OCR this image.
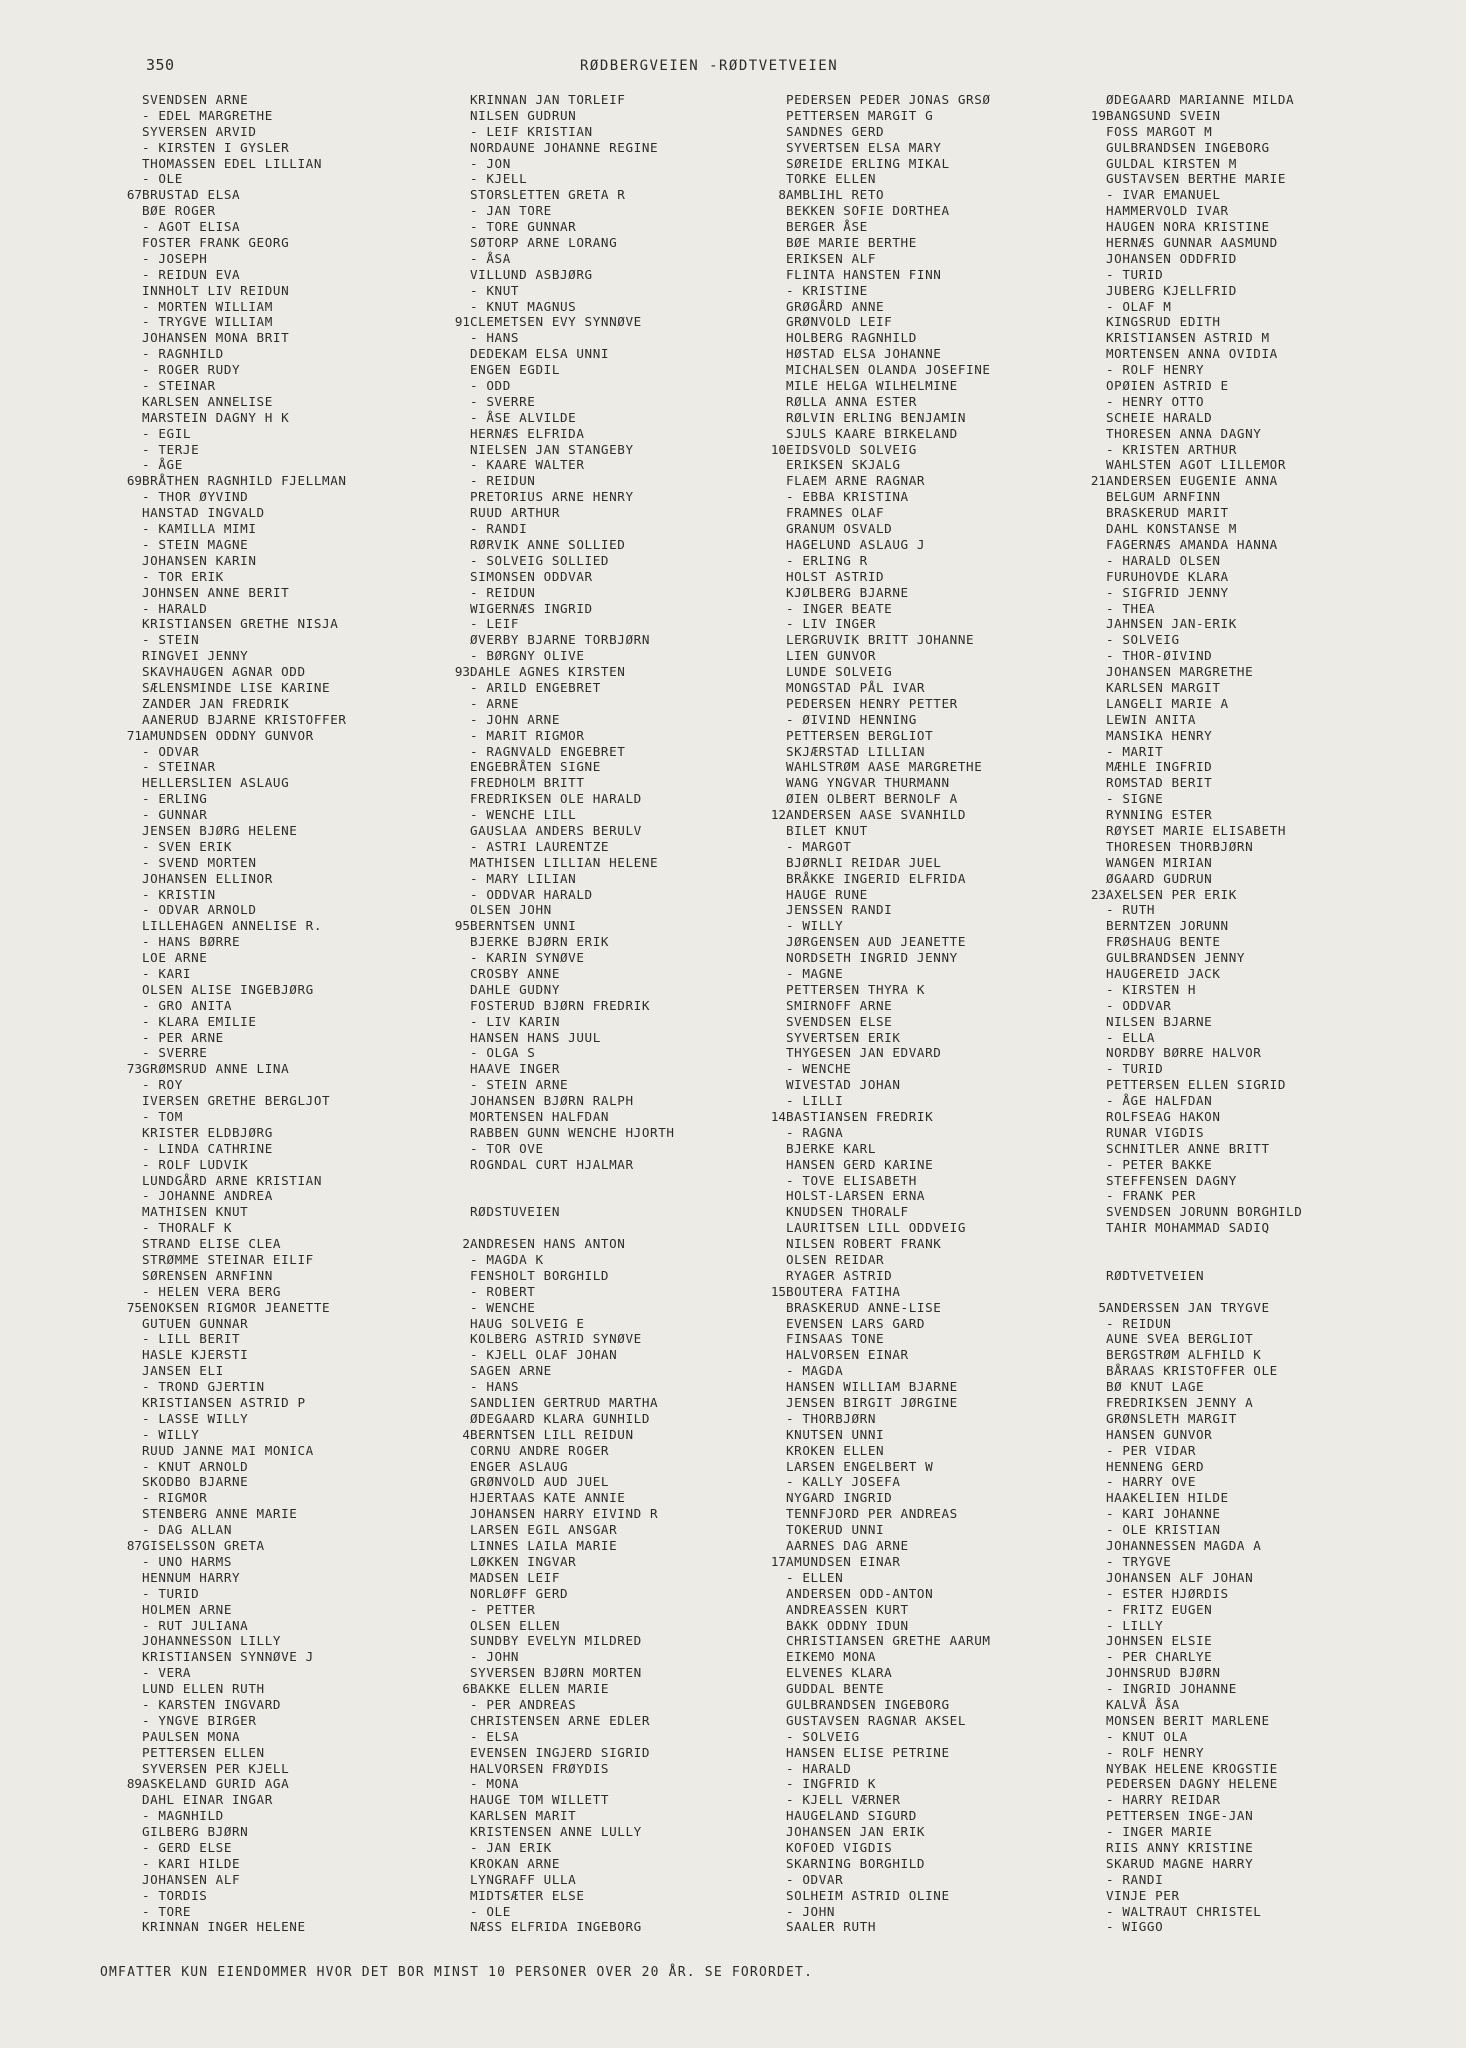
350	RØDBERGVEIEN -RØDTVETVEIEN
SVENDSEN ARNE
- EDEL MARGRETHE
SYVERSEN ARVID
- KIRSTEN I GYSLER
THOMASSEN EDEL LILLIAN
- OLE
67 BRUSTAD ELSA
BØE ROGER
- AGOT ELISA
FOSTER FRANK GEORG
- JOSEPH
- REIDUN EVA
INNHOLT LIV REIDUN
- MORTEN WILLIAM
- TRYGVE WILLIAM
JOHANSEN MONA BRIT
- RAGNHILD
- ROGER RUDY
- STEINAR
KARLSEN ANNELISE
MARSTEIN DAGNY H K
- EGIL
- TERJE
- ÅGE
69 BRÅTHEN RAGNHILD FJELLMAN
- THOR ØYVIND
HANSTAD INGVALD
- KAMILLA MIMI
- STEIN MAGNE
JOHANSEN KARIN
- TOR ERIK
JOHNSEN ANNE BERIT
- HARALD
KRISTIANSEN GRETHE NISJA
- STEIN
RINGVEI JENNY
SKAVHAUGEN AGNAR ODD
SÆLENSMINDE LISE KARINE
ZANDER JAN FREDRIK
AANERUD BJARNE KRISTOFFER
71 AMUNDSEN ODDNY GUNVOR
- ODVAR
- STEINAR
HELLERSLIEN ASLAUG
- ERLING
- GUNNAR
JENSEN BJØRG HELENE
- SVEN ERIK
- SVEND MORTEN
JOHANSEN ELLINOR
- KRISTIN
- ODVAR ARNOLD
LILLEHAGEN ANNELISE R.
- HANS BØRRE
LOE ARNE
- KARI
OLSEN ALISE INGEBJØRG
- GRO ANITA
- KLARA EMILIE
- PER ARNE
- SVERRE
73 GRØMSRUD ANNE LINA
- ROY
IVERSEN GRETHE BERGLJOT
- TOM
KRISTER ELDBJØRG
- LINDA CATHRINE
- ROLF LUDVIK
LUNDGÅRD ARNE KRISTIAN
- JOHANNE ANDREA
MATHISEN KNUT
- THORALF K
STRAND ELISE CLEA
STRØMME STEINAR EILIF
SØRENSEN ARNFINN
- HELEN VERA BERG
75 ENOKSEN RIGMOR JEANETTE
GUTUEN GUNNAR
- LILL BERIT
HASLE KJERSTI
JANSEN ELI
- TROND GJERTIN
KRISTIANSEN ASTRID P
- LASSE WILLY
- WILLY
RUUD JANNE MAI MONICA
- KNUT ARNOLD
SKODBO BJARNE
- RIGMOR
STENBERG ANNE MARIE
- DAG ALLAN
87 GISELSSON GRETA
- UNO HARMS
HENNUM HARRY
- TURID
HOLMEN ARNE
- RUT JULIANA
JOHANNESSON LILLY
KRISTIANSEN SYNNØVE J
- VERA
LUND ELLEN RUTH
- KARSTEN INGVARD
- YNGVE BIRGER
PAULSEN MONA
PETTERSEN ELLEN
SYVERSEN PER KJELL
89 ASKELAND GURID AGA
DAHL EINAR INGAR
- MAGNHILD
GILBERG BJØRN
- GERD ELSE
- KARI HILDE
JOHANSEN ALF
- TORDIS
- TORE
KRINNAN INGER HELENE
KRINNAN JAN TORLEIF
NILSEN GUDRUN
- LEIF KRISTIAN
NORDAUNE JOHANNE REGINE
- JON
- KJELL
STORSLETTEN GRETA R
- JAN TORE
- TORE GUNNAR
SØTORP ARNE LORANG
- ÅSA
VILLUND ASBJØRG
- KNUT
- KNUT MAGNUS
91 CLEMETSEN EVY SYNNØVE
- HANS
DEDEKAM ELSA UNNI
ENGEN EGDIL
- ODD
- SVERRE
- ÅSE ALVILDE
HERNÆS ELFRIDA
NIELSEN JAN STANGEBY
- KAARE WALTER
- REIDUN
PRETORIUS ARNE HENRY
RUUD ARTHUR
- RANDI
RØRVIK ANNE SOLLIED
- SOLVEIG SOLLIED
SIMONSEN ODDVAR
- REIDUN
WIGERNÆS INGRID
- LEIF
ØVERBY BJARNE TORBJØRN
- BØRGNY OLIVE
93 DAHLE AGNES KIRSTEN
- ARILD ENGEBRET
- ARNE
- JOHN ARNE
- MARIT RIGMOR
- RAGNVALD ENGEBRET
ENGEBRÅTEN SIGNE
FREDHOLM BRITT
FREDRIKSEN OLE HARALD
- WENCHE LILL
GAUSLAA ANDERS BERULV
- ASTRI LAURENTZE
MATHISEN LILLIAN HELENE
- MARY LILIAN
- ODDVAR HARALD
OLSEN JOHN
95 BERNTSEN UNNI
BJERKE BJØRN ERIK
- KARIN SYNØVE
CROSBY ANNE
DAHLE GUDNY
FOSTERUD BJØRN FREDRIK
- LIV KARIN
HANSEN HANS JUUL
- OLGA S
HAAVE INGER
- STEIN ARNE
JOHANSEN BJØRN RALPH
MORTENSEN HALFDAN
RABBEN GUNN WENCHE HJORTH
- TOR OVE
ROGNDAL CURT HJALMAR
RØDSTUVEIEN
2 ANDRESEN HANS ANTON
- MAGDA K
FENSHOLT BORGHILD
- ROBERT
- WENCHE
HAUG SOLVEIG E
KOLBERG ASTRID SYNØVE
- KJELL OLAF JOHAN
SAGEN ARNE
- HANS
SANDLIEN GERTRUD MARTHA
ØDEGAARD KLARA GUNHILD
4 BERNTSEN LILL REIDUN
CORNU ANDRE ROGER
ENGER ASLAUG
GRØNVOLD AUD JUEL
HJERTAAS KATE ANNIE
JOHANSEN HARRY EIVIND R
LARSEN EGIL ANSGAR
LINNES LAILA MARIE
LØKKEN INGVAR
MADSEN LEIF
NORLØFF GERD
- PETTER
OLSEN ELLEN
SUNDBY EVELYN MILDRED
- JOHN
SYVERSEN BJØRN MORTEN
6 BAKKE ELLEN MARIE
- PER ANDREAS
CHRISTENSEN ARNE EDLER
- ELSA
EVENSEN INGJERD SIGRID
HALVORSEN FRØYDIS
- MONA
HAUGE TOM WILLETT
KARLSEN MARIT
KRISTENSEN ANNE LULLY
- JAN ERIK
KROKAN ARNE
LYNGRAFF ULLA
MIDTSÆTER ELSE
- OLE
NÆSS ELFRIDA INGEBORG
PEDERSEN PEDER JONAS GRSØ
PETTERSEN MARGIT G
SANDNES GERD
SYVERTSEN ELSA MARY
SØREIDE ERLING MIKAL
TORKE ELLEN
8 AMBLIHL RETO
BEKKEN SOFIE DORTHEA
BERGER ÅSE
BØE MARIE BERTHE
ERIKSEN ALF
FLINTA HANSTEN FINN
- KRISTINE
GRØGÅRD ANNE
GRØNVOLD LEIF
HOLBERG RAGNHILD
HØSTAD ELSA JOHANNE
MICHALSEN OLANDA JOSEFINE
MILE HELGA WILHELMINE
RØLLA ANNA ESTER
RØLVIN ERLING BENJAMIN
SJULS KAARE BIRKELAND
10 EIDSVOLD SOLVEIG
ERIKSEN SKJALG
FLAEM ARNE RAGNAR
- EBBA KRISTINA
FRAMNES OLAF
GRANUM OSVALD
HAGELUND ASLAUG J
- ERLING R
HOLST ASTRID
KJØLBERG BJARNE
- INGER BEATE
- LIV INGER
LERGRUVIK BRITT JOHANNE
LIEN GUNVOR
LUNDE SOLVEIG
MONGSTAD PÅL IVAR
PEDERSEN HENRY PETTER
- ØIVIND HENNING
PETTERSEN BERGLIOT
SKJÆRSTAD LILLIAN
WAHLSTRØM AASE MARGRETHE
WANG YNGVAR THURMANN
ØIEN OLBERT BERNOLF A
12 ANDERSEN AASE SVANHILD
BILET KNUT
- MARGOT
BJØRNLI REIDAR JUEL
BRÅKKE INGERID ELFRIDA
HAUGE RUNE
JENSSEN RANDI
- WILLY
JØRGENSEN AUD JEANETTE
NORDSETH INGRID JENNY
- MAGNE
PETTERSEN THYRA K
SMIRNOFF ARNE
SVENDSEN ELSE
SYVERTSEN ERIK
THYGESEN JAN EDVARD
- WENCHE
WIVESTAD JOHAN
- LILLI
14 BASTIANSEN FREDRIK
- RAGNA
BJERKE KARL
HANSEN GERD KARINE
- TOVE ELISABETH
HOLST-LARSEN ERNA
KNUDSEN THORALF
LAURITSEN LILL ODDVEIG
NILSEN ROBERT FRANK
OLSEN REIDAR
RYAGER ASTRID
15 BOUTERA FATIHA
BRASKERUD ANNE-LISE
EVENSEN LARS GARD
FINSAAS TONE
HALVORSEN EINAR
- MAGDA
HANSEN WILLIAM BJARNE
JENSEN BIRGIT JØRGINE
- THORBJØRN
KNUTSEN UNNI
KROKEN ELLEN
LARSEN ENGELBERT W
- KALLY JOSEFA
NYGARD INGRID
TENNFJORD PER ANDREAS
TOKERUD UNNI
AARNES DAG ARNE
17 AMUNDSEN EINAR
- ELLEN
ANDERSEN ODD-ANTON
ANDREASSEN KURT
BAKK ODDNY IDUN
CHRISTIANSEN GRETHE AARUM
EIKEMO MONA
ELVENES KLARA
GUDDAL BENTE
GULBRANDSEN INGEBORG
GUSTAVSEN RAGNAR AKSEL
- SOLVEIG
HANSEN ELISE PETRINE
- HARALD
- INGFRID K
- KJELL VÆRNER
HAUGELAND SIGURD
JOHANSEN JAN ERIK
KOFOED VIGDIS
SKARNING BORGHILD
- ODVAR
SOLHEIM ASTRID OLINE
- JOHN
SAALER RUTH
ØDEGAARD MARIANNE MILDA
19 BANGSUND SVEIN
FOSS MARGOT M
GULBRANDSEN INGEBORG
GULDAL KIRSTEN M
GUSTAVSEN BERTHE MARIE
- IVAR EMANUEL
HAMMERVOLD IVAR
HAUGEN NORA KRISTINE
HERNÆS GUNNAR AASMUND
JOHANSEN ODDFRID
- TURID
JUBERG KJELLFRID
- OLAF M
KINGSRUD EDITH
KRISTIANSEN ASTRID M
MORTENSEN ANNA OVIDIA
- ROLF HENRY
OPØIEN ASTRID E
- HENRY OTTO
SCHEIE HARALD
THORESEN ANNA DAGNY
- KRISTEN ARTHUR
WAHLSTEN AGOT LILLEMOR
21 ANDERSEN EUGENIE ANNA
BELGUM ARNFINN
BRASKERUD MARIT
DAHL KONSTANSE M
FAGERNÆS AMANDA HANNA
- HARALD OLSEN
FURUHOVDE KLARA
- SIGFRID JENNY
- THEA
JAHNSEN JAN-ERIK
- SOLVEIG
- THOR-ØIVIND
JOHANSEN MARGRETHE
KARLSEN MARGIT
LANGELI MARIE A
LEWIN ANITA
MANSIKA HENRY
- MARIT
MÆHLE INGFRID
ROMSTAD BERIT
- SIGNE
RYNNING ESTER
RØYSET MARIE ELISABETH
THORESEN THORBJØRN
WANGEN MIRIAN
ØGAARD GUDRUN
23 AXELSEN PER ERIK
- RUTH
BERNTZEN JORUNN
FRØSHAUG BENTE
GULBRANDSEN JENNY
HAUGEREID JACK
- KIRSTEN H
- ODDVAR
NILSEN BJARNE
- ELLA
NORDBY BØRRE HALVOR
- TURID
PETTERSEN ELLEN SIGRID
- ÅGE HALFDAN
ROLFSEAG HAKON
RUNAR VIGDIS
SCHNITLER ANNE BRITT
- PETER BAKKE
STEFFENSEN DAGNY
- FRANK PER
SVENDSEN JORUNN BORGHILD
TAHIR MOHAMMAD SADIQ
RØDTVETVEIEN
5 ANDERSSEN JAN TRYGVE
- REIDUN
AUNE SVEA BERGLIOT
BERGSTRØM ALFHILD K
BÅRAAS KRISTOFFER OLE
BØ KNUT LAGE
FREDRIKSEN JENNY A
GRØNSLETH MARGIT
HANSEN GUNVOR
- PER VIDAR
HENNENG GERD
- HARRY OVE
HAAKELIEN HILDE
- KARI JOHANNE
- OLE KRISTIAN
JOHANNESSEN MAGDA A
- TRYGVE
JOHANSEN ALF JOHAN
- ESTER HJØRDIS
- FRITZ EUGEN
- LILLY
JOHNSEN ELSIE
- PER CHARLYE
JOHNSRUD BJØRN
- INGRID JOHANNE
KALVÅ ÅSA
MONSEN BERIT MARLENE
- KNUT OLA
- ROLF HENRY
NYBAK HELENE KROGSTIE
PEDERSEN DAGNY HELENE
- HARRY REIDAR
PETTERSEN INGE-JAN
- INGER MARIE
RIIS ANNY KRISTINE
SKARUD MAGNE HARRY
- RANDI
VINJE PER
- WALTRAUT CHRISTEL
- WIGGO
OMFATTER KUN EIENDOMMER HVOR DET BOR MINST 10 PERSONER OVER 20 ÅR. SE FORORDET.
